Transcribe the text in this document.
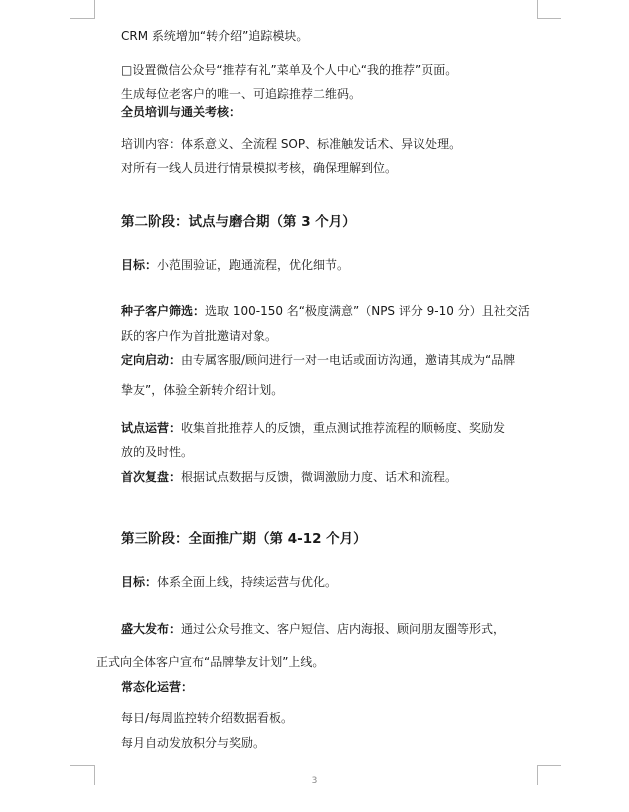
CRM 系统增加“转介绍”追踪模块。
□设置微信公众号“推荐有礼”菜单及个人中心“我的推荐”页面。
生成每位老客户的唯一、可追踪推荐二维码。
全员培训与通关考核：
培训内容：体系意义、全流程 SOP、标准触发话术、异议处理。
对所有一线人员进行情景模拟考核，确保理解到位。
第二阶段：试点与磨合期（第 3 个月）
目标：小范围验证，跑通流程，优化细节。
种子客户筛选：选取 100-150 名“极度满意”（NPS 评分 9-10 分）且社交活
跃的客户作为首批邀请对象。
定向启动：由专属客服/顾问进行一对一电话或面访沟通，邀请其成为“品牌
挚友”，体验全新转介绍计划。
试点运营：收集首批推荐人的反馈，重点测试推荐流程的顺畅度、奖励发
放的及时性。
首次复盘：根据试点数据与反馈，微调激励力度、话术和流程。
第三阶段：全面推广期（第 4-12 个月）
目标：体系全面上线，持续运营与优化。
盛大发布：通过公众号推文、客户短信、店内海报、顾问朋友圈等形式，
正式向全体客户宣布“品牌挚友计划”上线。
常态化运营：
每日/每周监控转介绍数据看板。
每月自动发放积分与奖励。
3
